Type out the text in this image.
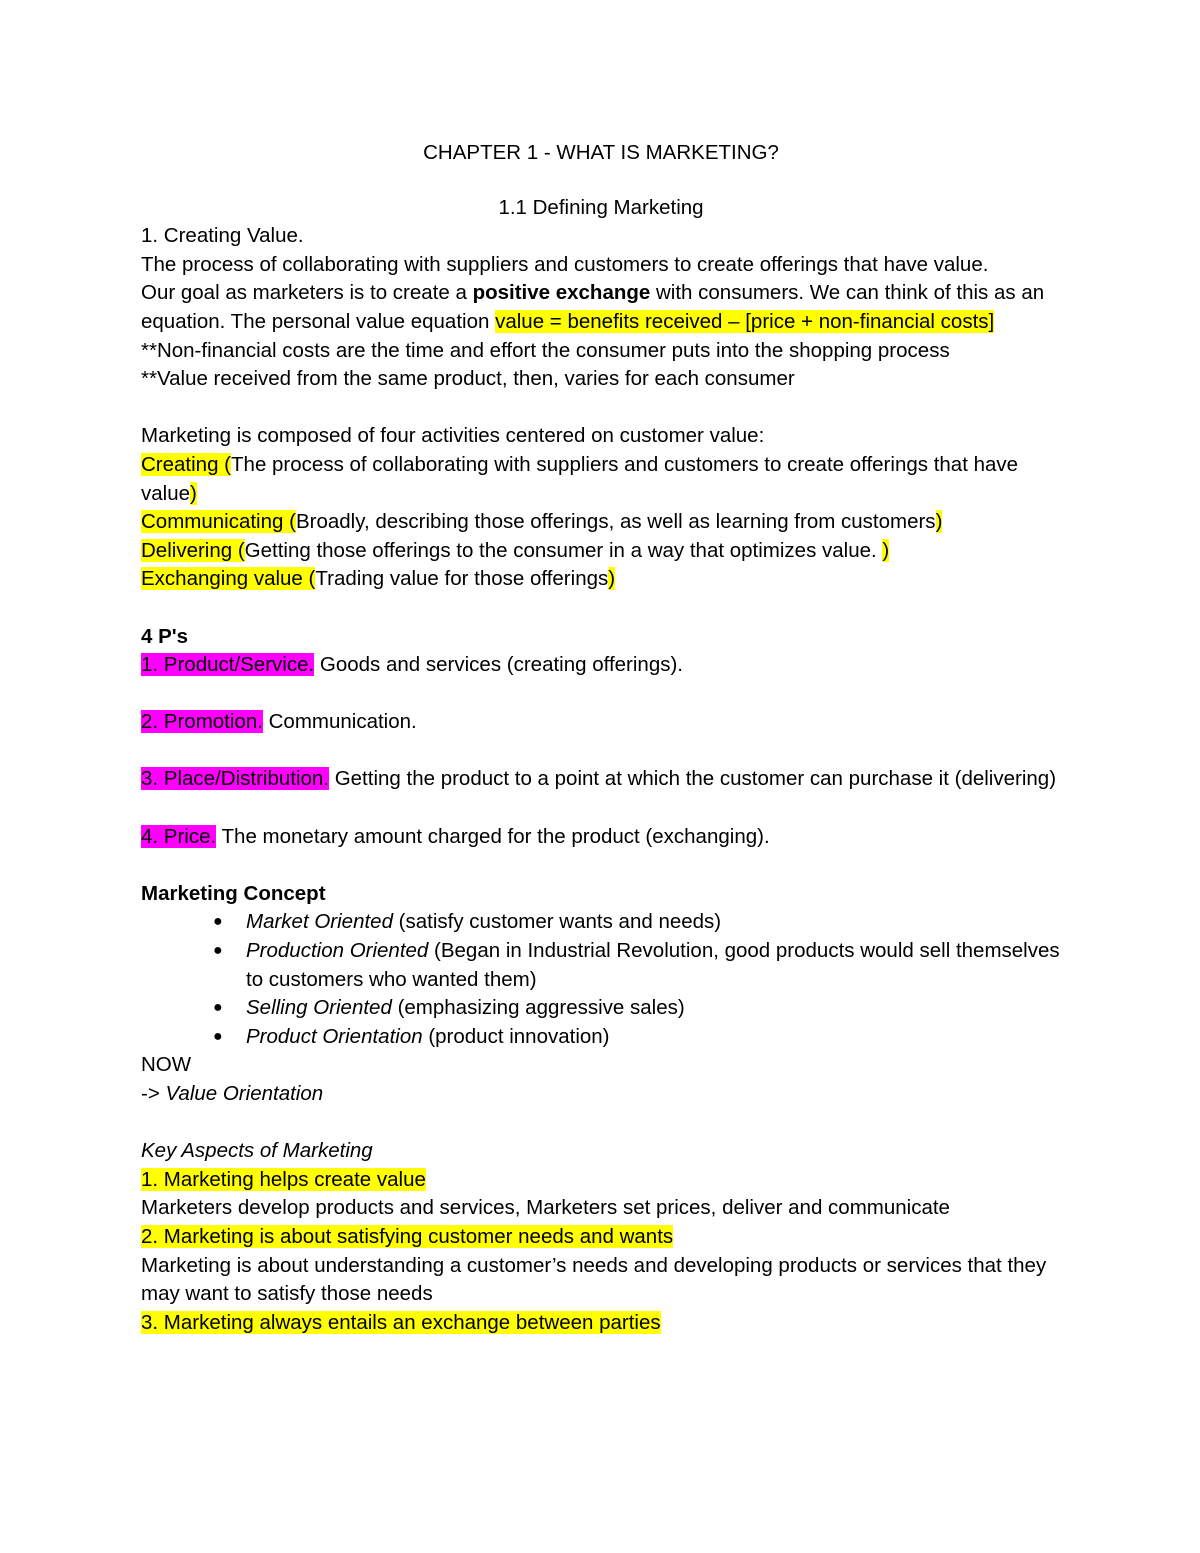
CHAPTER 1 - WHAT IS MARKETING?

1.1 Defining Marketing

1. Creating Value.

The process of collaborating with suppliers and customers to create offerings that have value.

Our goal as marketers is to create a positive exchange with consumers. We can think of this as an equation. The personal value equation value = benefits received – [price + non-financial costs]

**Non-financial costs are the time and effort the consumer puts into the shopping process

**Value received from the same product, then, varies for each consumer

Marketing is composed of four activities centered on customer value:

Creating (The process of collaborating with suppliers and customers to create offerings that have value)

Communicating (Broadly, describing those offerings, as well as learning from customers)

Delivering (Getting those offerings to the consumer in a way that optimizes value. )

Exchanging value (Trading value for those offerings)

4 P's

1. Product/Service. Goods and services (creating offerings).

2. Promotion. Communication.

3. Place/Distribution. Getting the product to a point at which the customer can purchase it (delivering)

4. Price. The monetary amount charged for the product (exchanging).

Marketing Concept

● Market Oriented (satisfy customer wants and needs)
● Production Oriented (Began in Industrial Revolution, good products would sell themselves to customers who wanted them)
● Selling Oriented (emphasizing aggressive sales)
● Product Orientation (product innovation)

NOW

-> Value Orientation

Key Aspects of Marketing

1. Marketing helps create value

Marketers develop products and services, Marketers set prices, deliver and communicate

2. Marketing is about satisfying customer needs and wants

Marketing is about understanding a customer’s needs and developing products or services that they may want to satisfy those needs

3. Marketing always entails an exchange between parties
